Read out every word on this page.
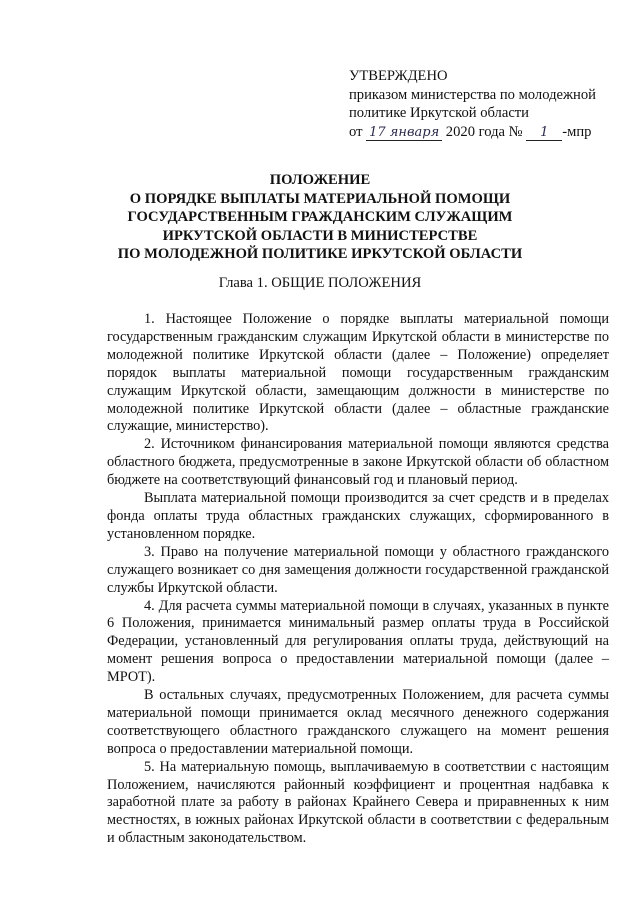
УТВЕРЖДЕНО
приказом министерства по молодежной
политике Иркутской области
от 17 января 2020 года № 1 -мпр
ПОЛОЖЕНИЕ
О ПОРЯДКЕ ВЫПЛАТЫ МАТЕРИАЛЬНОЙ ПОМОЩИ
ГОСУДАРСТВЕННЫМ ГРАЖДАНСКИМ СЛУЖАЩИМ
ИРКУТСКОЙ ОБЛАСТИ В МИНИСТЕРСТВЕ
ПО МОЛОДЕЖНОЙ ПОЛИТИКЕ ИРКУТСКОЙ ОБЛАСТИ
Глава 1. ОБЩИЕ ПОЛОЖЕНИЯ

1. Настоящее Положение о порядке выплаты материальной помощи государственным гражданским служащим Иркутской области в министерстве по молодежной политике Иркутской области (далее – Положение) определяет порядок выплаты материальной помощи государственным гражданским служащим Иркутской области, замещающим должности в министерстве по молодежной политике Иркутской области (далее – областные гражданские служащие, министерство).

2. Источником финансирования материальной помощи являются средства областного бюджета, предусмотренные в законе Иркутской области об областном бюджете на соответствующий финансовый год и плановый период.

Выплата материальной помощи производится за счет средств и в пределах фонда оплаты труда областных гражданских служащих, сформированного в установленном порядке.

3. Право на получение материальной помощи у областного гражданского служащего возникает со дня замещения должности государственной гражданской службы Иркутской области.

4. Для расчета суммы материальной помощи в случаях, указанных в пункте 6 Положения, принимается минимальный размер оплаты труда в Российской Федерации, установленный для регулирования оплаты труда, действующий на момент решения вопроса о предоставлении материальной помощи (далее – МРОТ).

В остальных случаях, предусмотренных Положением, для расчета суммы материальной помощи принимается оклад месячного денежного содержания соответствующего областного гражданского служащего на момент решения вопроса о предоставлении материальной помощи.

5. На материальную помощь, выплачиваемую в соответствии с настоящим Положением, начисляются районный коэффициент и процентная надбавка к заработной плате за работу в районах Крайнего Севера и приравненных к ним местностях, в южных районах Иркутской области в соответствии с федеральным и областным законодательством.
